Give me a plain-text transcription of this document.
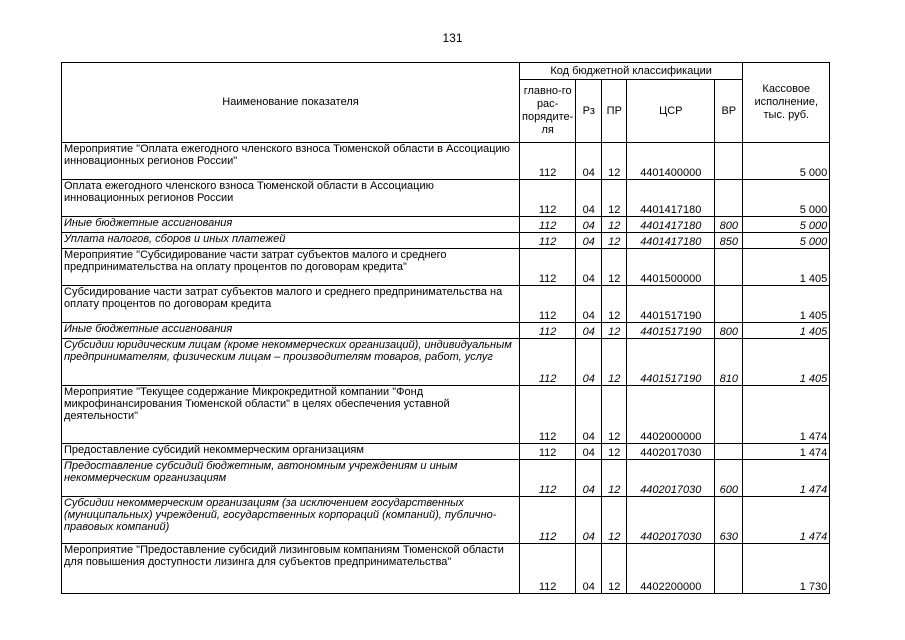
131
Наименование показателя	Код бюджетной классификации					Кассовое исполнение, тыс. руб.
	главно-го рас-порядите-ля	Рз	ПР	ЦСР	ВР	
Мероприятие "Оплата ежегодного членского взноса Тюменской области в Ассоциацию инновационных регионов России"	112	04	12	4401400000		5 000
Оплата ежегодного членского взноса Тюменской области в Ассоциацию инновационных регионов России	112	04	12	4401417180		5 000
Иные бюджетные ассигнования	112	04	12	4401417180	800	5 000
Уплата налогов, сборов и иных платежей	112	04	12	4401417180	850	5 000
Мероприятие "Субсидирование части затрат субъектов малого и среднего предпринимательства на оплату процентов по договорам кредита"	112	04	12	4401500000		1 405
Субсидирование части затрат субъектов малого и среднего предпринимательства на оплату процентов по договорам кредита	112	04	12	4401517190		1 405
Иные бюджетные ассигнования	112	04	12	4401517190	800	1 405
Субсидии юридическим лицам (кроме некоммерческих организаций), индивидуальным предпринимателям, физическим лицам – производителям товаров, работ, услуг	112	04	12	4401517190	810	1 405
Мероприятие "Текущее содержание Микрокредитной компании "Фонд микрофинансирования Тюменской области" в целях обеспечения уставной деятельности"	112	04	12	4402000000		1 474
Предоставление субсидий некоммерческим организациям	112	04	12	4402017030		1 474
Предоставление субсидий бюджетным, автономным учреждениям и иным некоммерческим организациям	112	04	12	4402017030	600	1 474
Субсидии некоммерческим организациям (за исключением государственных (муниципальных) учреждений, государственных корпораций (компаний), публично-правовых компаний)	112	04	12	4402017030	630	1 474
Мероприятие "Предоставление субсидий лизинговым компаниям Тюменской области для повышения доступности лизинга для субъектов предпринимательства"	112	04	12	4402200000		1 730
